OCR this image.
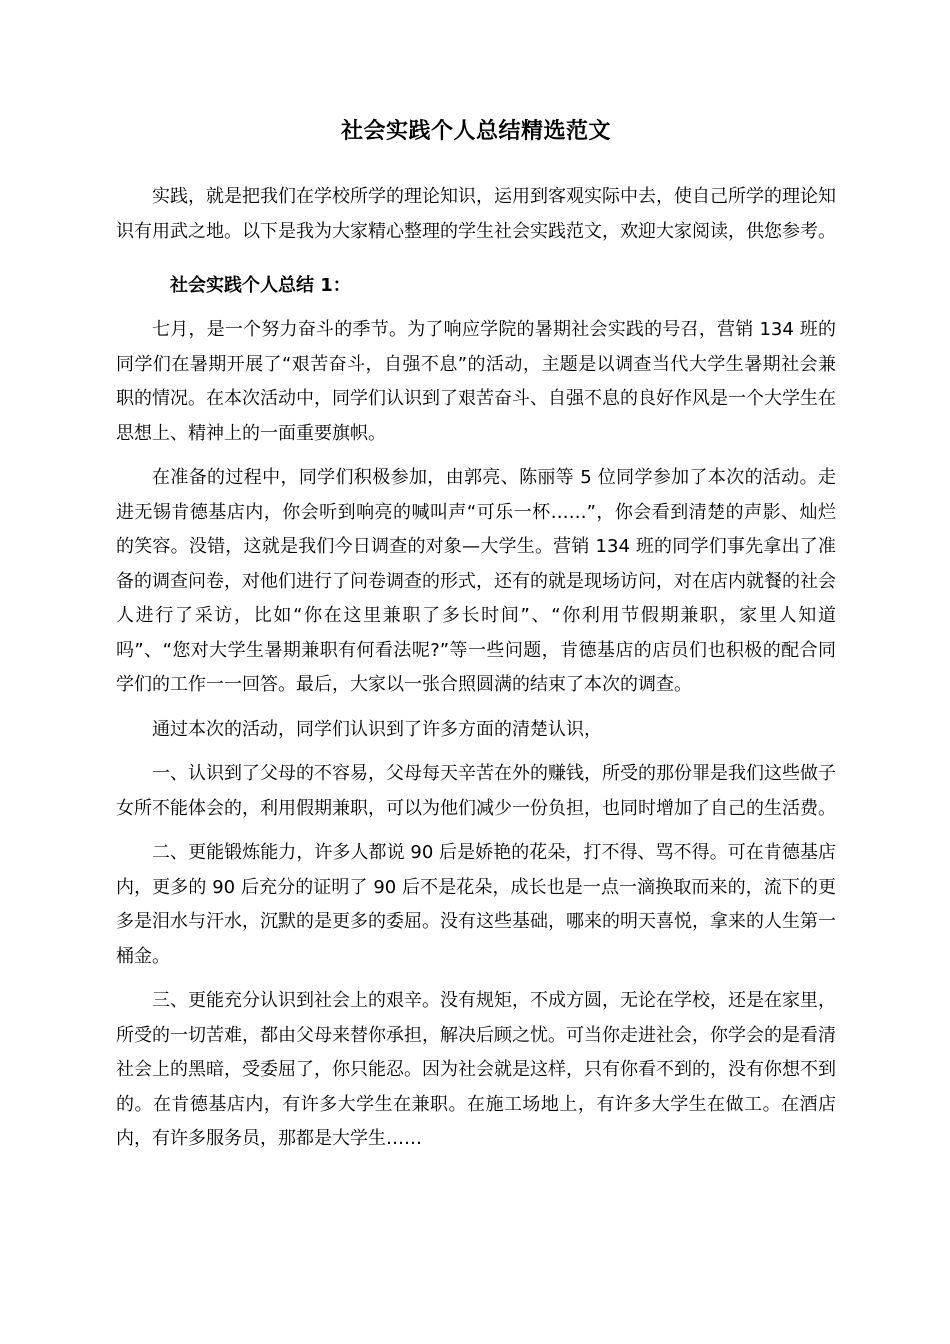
社会实践个人总结精选范文

实践，就是把我们在学校所学的理论知识，运用到客观实际中去，使自己所学的理论知识有用武之地。以下是我为大家精心整理的学生社会实践范文，欢迎大家阅读，供您参考。

社会实践个人总结 1：

七月，是一个努力奋斗的季节。为了响应学院的暑期社会实践的号召，营销 134 班的同学们在暑期开展了“艰苦奋斗，自强不息”的活动，主题是以调查当代大学生暑期社会兼职的情况。在本次活动中，同学们认识到了艰苦奋斗、自强不息的良好作风是一个大学生在思想上、精神上的一面重要旗帜。

在准备的过程中，同学们积极参加，由郭亮、陈丽等 5 位同学参加了本次的活动。走进无锡肯德基店内，你会听到响亮的喊叫声“可乐一杯……”，你会看到清楚的声影、灿烂的笑容。没错，这就是我们今日调查的对象—大学生。营销 134 班的同学们事先拿出了准备的调查问卷，对他们进行了问卷调查的形式，还有的就是现场访问，对在店内就餐的社会人进行了采访，比如“你在这里兼职了多长时间”、“你利用节假期兼职，家里人知道吗”、“您对大学生暑期兼职有何看法呢?”等一些问题，肯德基店的店员们也积极的配合同学们的工作一一回答。最后，大家以一张合照圆满的结束了本次的调查。

通过本次的活动，同学们认识到了许多方面的清楚认识，

一、认识到了父母的不容易，父母每天辛苦在外的赚钱，所受的那份罪是我们这些做子女所不能体会的，利用假期兼职，可以为他们减少一份负担，也同时增加了自己的生活费。

二、更能锻炼能力，许多人都说 90 后是娇艳的花朵，打不得、骂不得。可在肯德基店内，更多的 90 后充分的证明了 90 后不是花朵，成长也是一点一滴换取而来的，流下的更多是泪水与汗水，沉默的是更多的委屈。没有这些基础，哪来的明天喜悦，拿来的人生第一桶金。

三、更能充分认识到社会上的艰辛。没有规矩，不成方圆，无论在学校，还是在家里，所受的一切苦难，都由父母来替你承担，解决后顾之忧。可当你走进社会，你学会的是看清社会上的黑暗，受委屈了，你只能忍。因为社会就是这样，只有你看不到的，没有你想不到的。在肯德基店内，有许多大学生在兼职。在施工场地上，有许多大学生在做工。在酒店内，有许多服务员，那都是大学生……
